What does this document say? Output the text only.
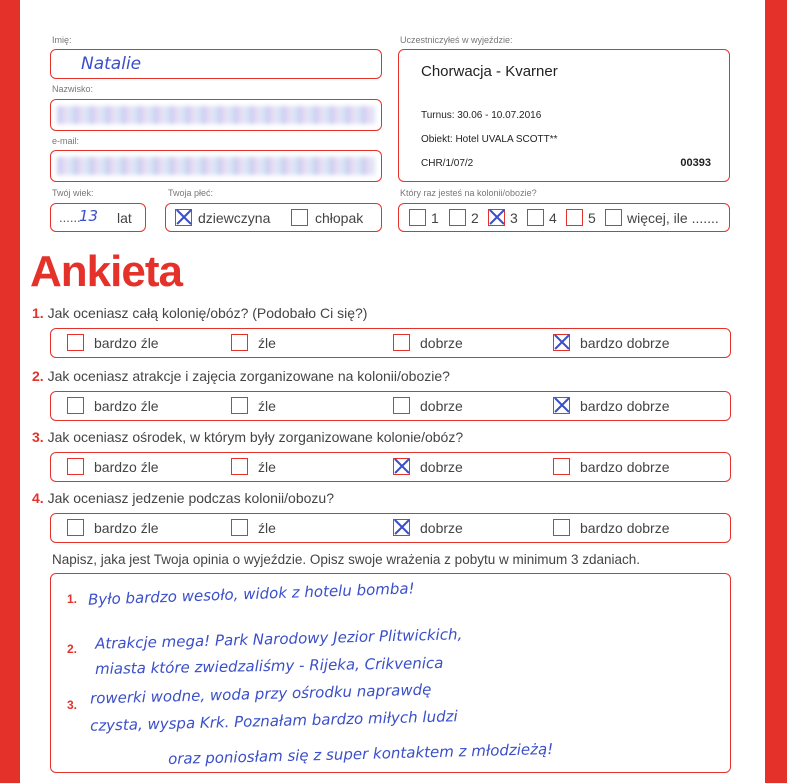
Imię:
Natalie
Nazwisko:
e-mail:
Twój wiek:
......
13 lat
Twoja płeć:
dziewczyna	chłopak
Uczestniczyłeś w wyjeździe:
Chorwacja - Kvarner
Turnus: 30.06 - 10.07.2016
Obiekt: Hotel UVALA SCOTT**
CHR/1/07/2	00393
Który raz jesteś na kolonii/obozie?
1 2 3 4 5 więcej, ile .......
Ankieta
Napisz, jaka jest Twoja opinia o wyjeździe. Opisz swoje wrażenia z pobytu w minimum 3 zdaniach.
1.
2.
3.
Było bardzo wesoło, widok z hotelu bomba!
Atrakcje mega! Park Narodowy Jezior Plitwickich,
miasta które zwiedzaliśmy - Rijeka, Crikvenica
rowerki wodne, woda przy ośrodku naprawdę
czysta, wyspa Krk. Poznałam bardzo miłych ludzi
oraz poniosłam się z super kontaktem z młodzieżą!
1. Jak oceniasz całą kolonię/obóz? (Podobało Ci się?)
bardzo źle	źle	dobrze	bardzo dobrze
2. Jak oceniasz atrakcje i zajęcia zorganizowane na kolonii/obozie?
bardzo źle	źle	dobrze	bardzo dobrze
3. Jak oceniasz ośrodek, w którym były zorganizowane kolonie/obóz?
bardzo źle	źle	dobrze	bardzo dobrze
4. Jak oceniasz jedzenie podczas kolonii/obozu?
bardzo źle	źle	dobrze	bardzo dobrze
